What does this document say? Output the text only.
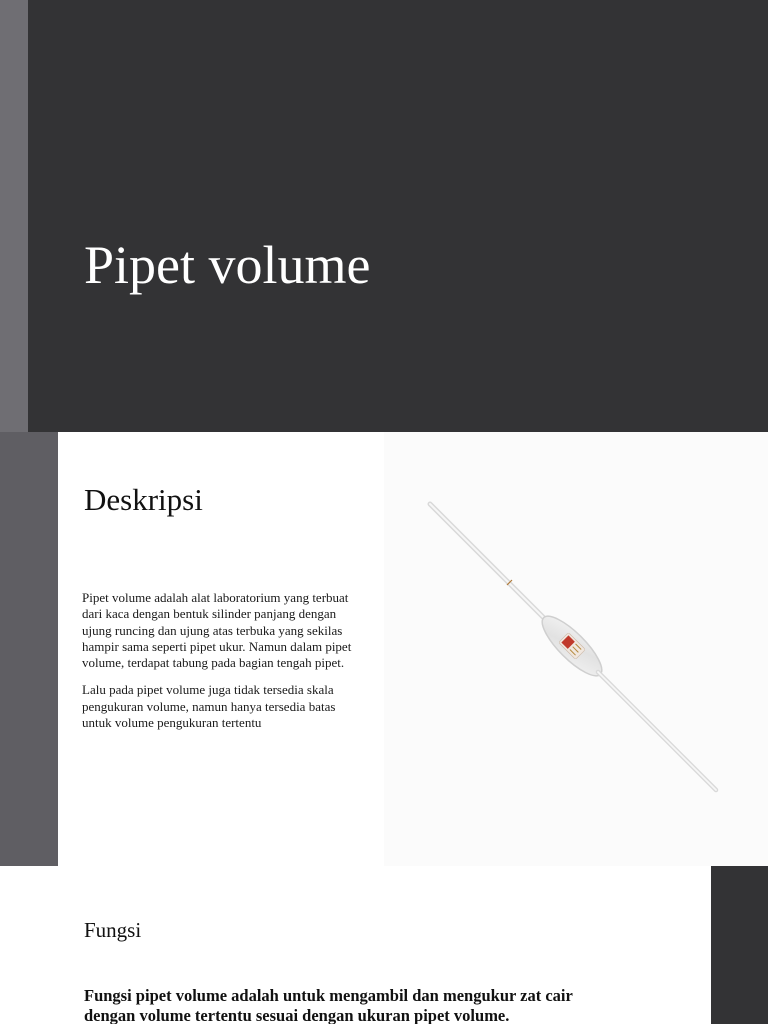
Pipet volume
Deskripsi

Pipet volume adalah alat laboratorium yang terbuat dari kaca dengan bentuk silinder panjang dengan ujung runcing dan ujung atas terbuka yang sekilas hampir sama seperti pipet ukur. Namun dalam pipet volume, terdapat tabung pada bagian tengah pipet.

Lalu pada pipet volume juga tidak tersedia skala pengukuran volume, namun hanya tersedia batas untuk volume pengukuran tertentu

Fungsi
Fungsi pipet volume adalah untuk mengambil dan mengukur zat cair dengan volume tertentu sesuai dengan ukuran pipet volume.
